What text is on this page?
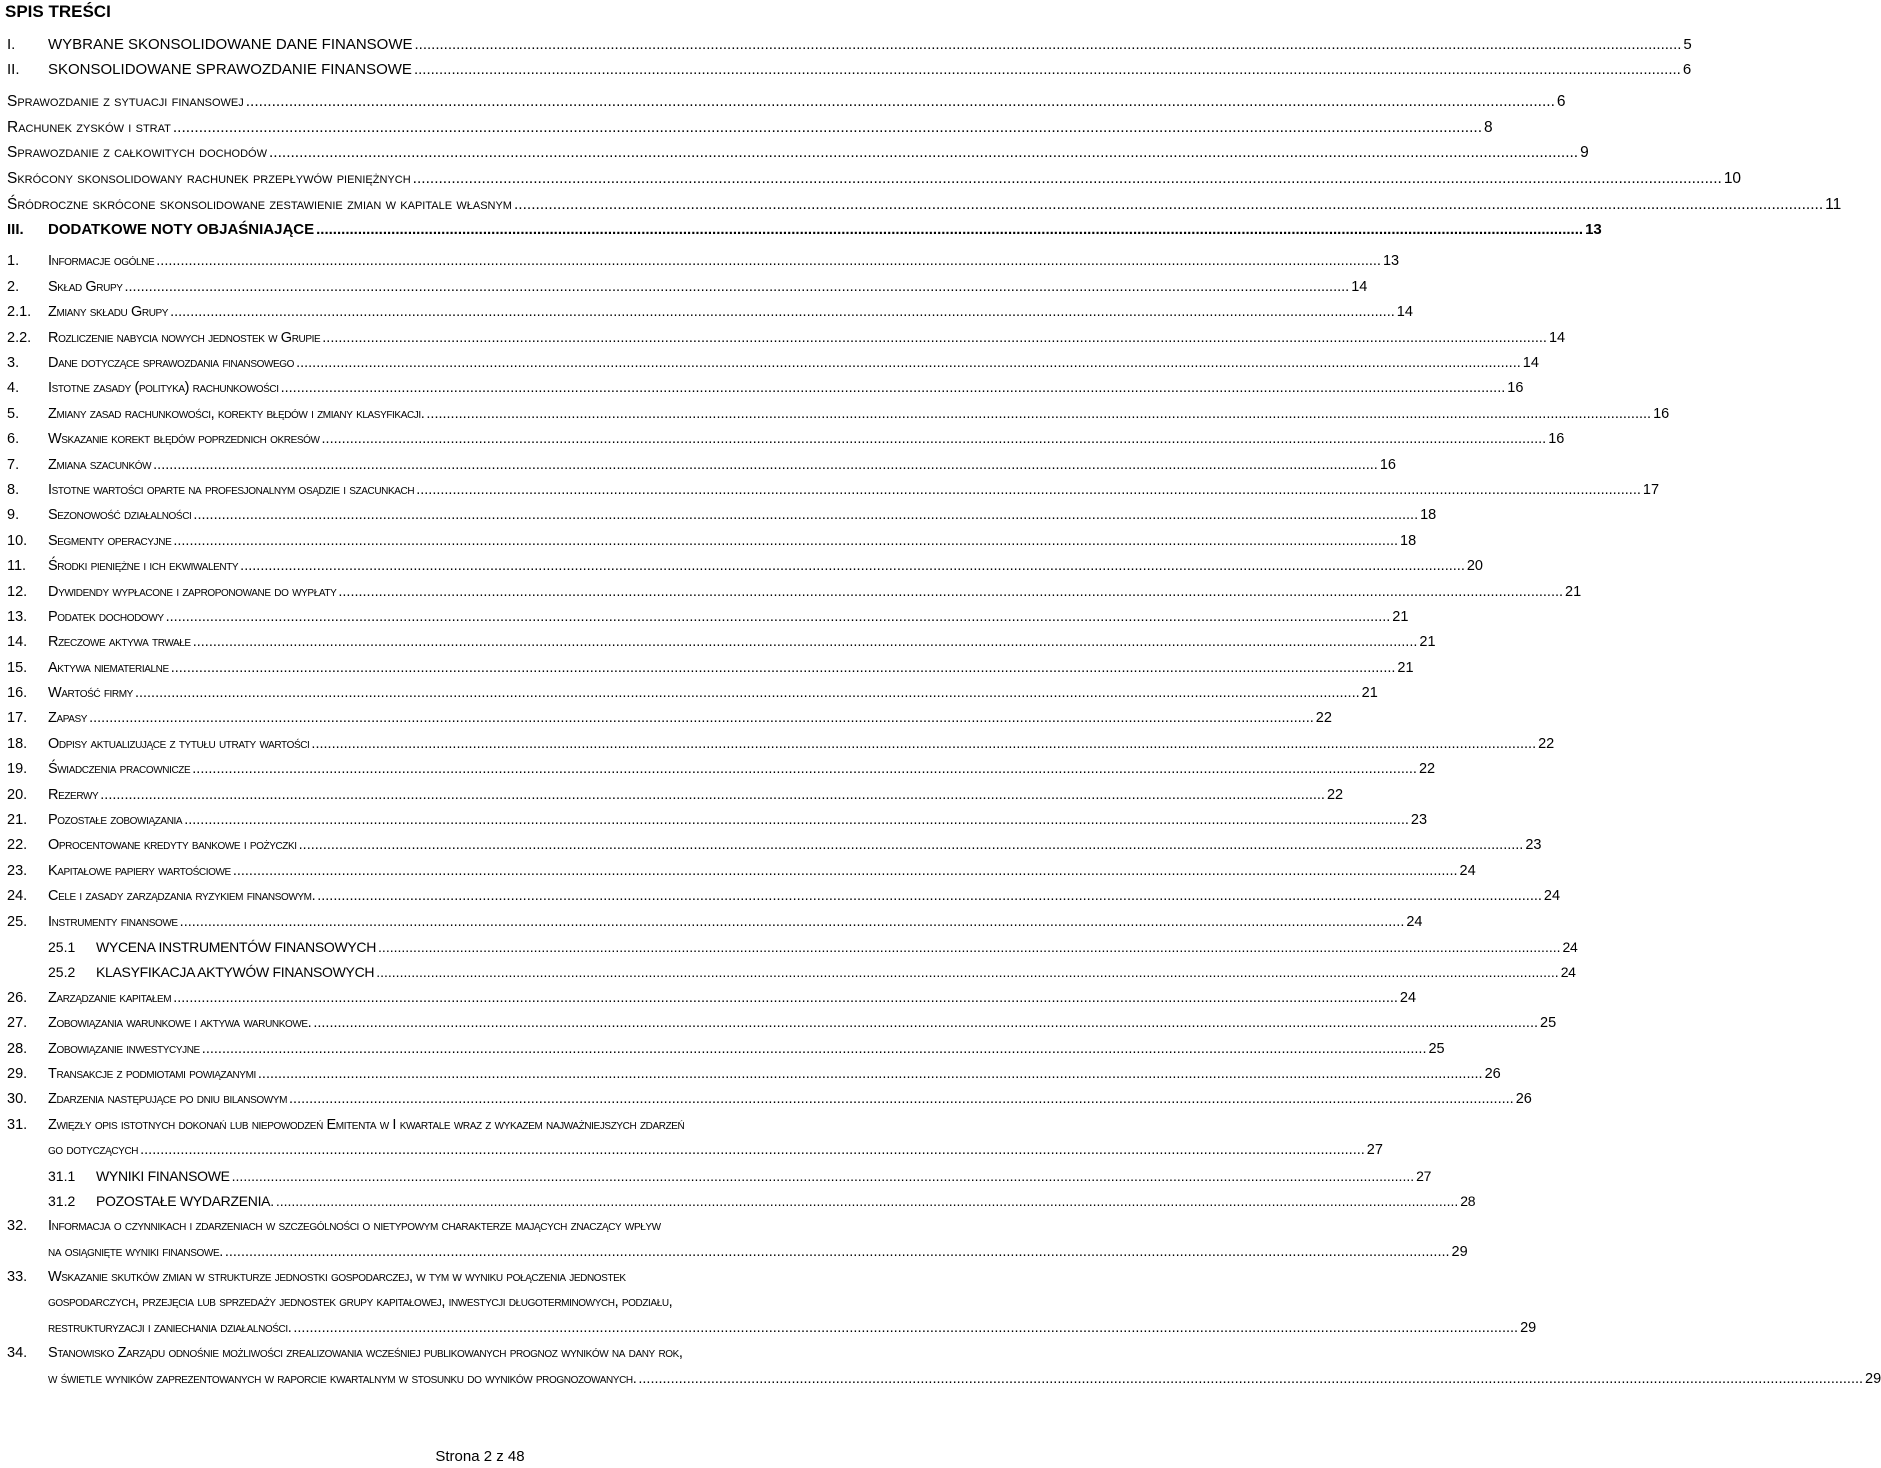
SPIS TREŚCI
I.	WYBRANE SKONSOLIDOWANE DANE FINANSOWE .....	5
II.	SKONSOLIDOWANE SPRAWOZDANIE FINANSOWE .....	6
Sprawozdanie z sytuacji finansowej .....	6
Rachunek zysków i strat .....	8
Sprawozdanie z całkowitych dochodów .....	9
Skrócony skonsolidowany rachunek przepływów pieniężnych .....	10
Śródroczne skrócone skonsolidowane zestawienie zmian w kapitale własnym .....	11
III.	DODATKOWE NOTY OBJAŚNIAJĄCE .....	13
1.	Informacje ogólne .....	13
2.	Skład Grupy .....	14
2.1.	Zmiany składu Grupy .....	14
2.2.	Rozliczenie nabycia nowych jednostek w Grupie .....	14
3.	Dane dotyczące sprawozdania finansowego .....	14
4.	Istotne zasady (polityka) rachunkowości .....	16
5.	Zmiany zasad rachunkowości, korekty błędów i zmiany klasyfikacji. .....	16
6.	Wskazanie korekt błędów poprzednich okresów .....	16
7.	Zmiana szacunków .....	16
8.	Istotne wartości oparte na profesjonalnym osądzie i szacunkach .....	17
9.	Sezonowość działalności .....	18
10.	Segmenty operacyjne .....	18
11.	Środki pieniężne i ich ekwiwalenty .....	20
12.	Dywidendy wypłacone i zaproponowane do wypłaty .....	21
13.	Podatek dochodowy .....	21
14.	Rzeczowe aktywa trwałe .....	21
15.	Aktywa niematerialne .....	21
16.	Wartość firmy .....	21
17.	Zapasy .....	22
18.	Odpisy aktualizujące z tytułu utraty wartości .....	22
19.	Świadczenia pracownicze .....	22
20.	Rezerwy .....	22
21.	Pozostałe zobowiązania .....	23
22.	Oprocentowane kredyty bankowe i pożyczki .....	23
23.	Kapitałowe papiery wartościowe .....	24
24.	Cele i zasady zarządzania ryzykiem finansowym. .....	24
25.	Instrumenty finansowe .....	24
25.1	WYCENA INSTRUMENTÓW FINANSOWYCH .....	24
25.2	KLASYFIKACJA AKTYWÓW FINANSOWYCH .....	24
26.	Zarządzanie kapitałem .....	24
27.	Zobowiązania warunkowe i aktywa warunkowe. .....	25
28.	Zobowiązanie inwestycyjne .....	25
29.	Transakcje z podmiotami powiązanymi .....	26
30.	Zdarzenia następujące po dniu bilansowym .....	26
31.	Zwięzły opis istotnych dokonań lub niepowodzeń Emitenta w I kwartale wraz z wykazem najważniejszych zdarzeń
go dotyczących .....	27
31.1	WYNIKI FINANSOWE .....	27
31.2	POZOSTAŁE WYDARZENIA. .....	28
32.	Informacja o czynnikach i zdarzeniach w szczególności o nietypowym charakterze mających znaczący wpływ
na osiągnięte wyniki finansowe. .....	29
33.	Wskazanie skutków zmian w strukturze jednostki gospodarczej, w tym w wyniku połączenia jednostek
gospodarczych, przejęcia lub sprzedaży jednostek grupy kapitałowej, inwestycji długoterminowych, podziału,
restrukturyzacji i zaniechania działalności. .....	29
34.	Stanowisko Zarządu odnośnie możliwości zrealizowania wcześniej publikowanych prognoz wyników na dany rok,
w świetle wyników zaprezentowanych w raporcie kwartalnym w stosunku do wyników prognozowanych. .....	29
Strona 2 z 48
